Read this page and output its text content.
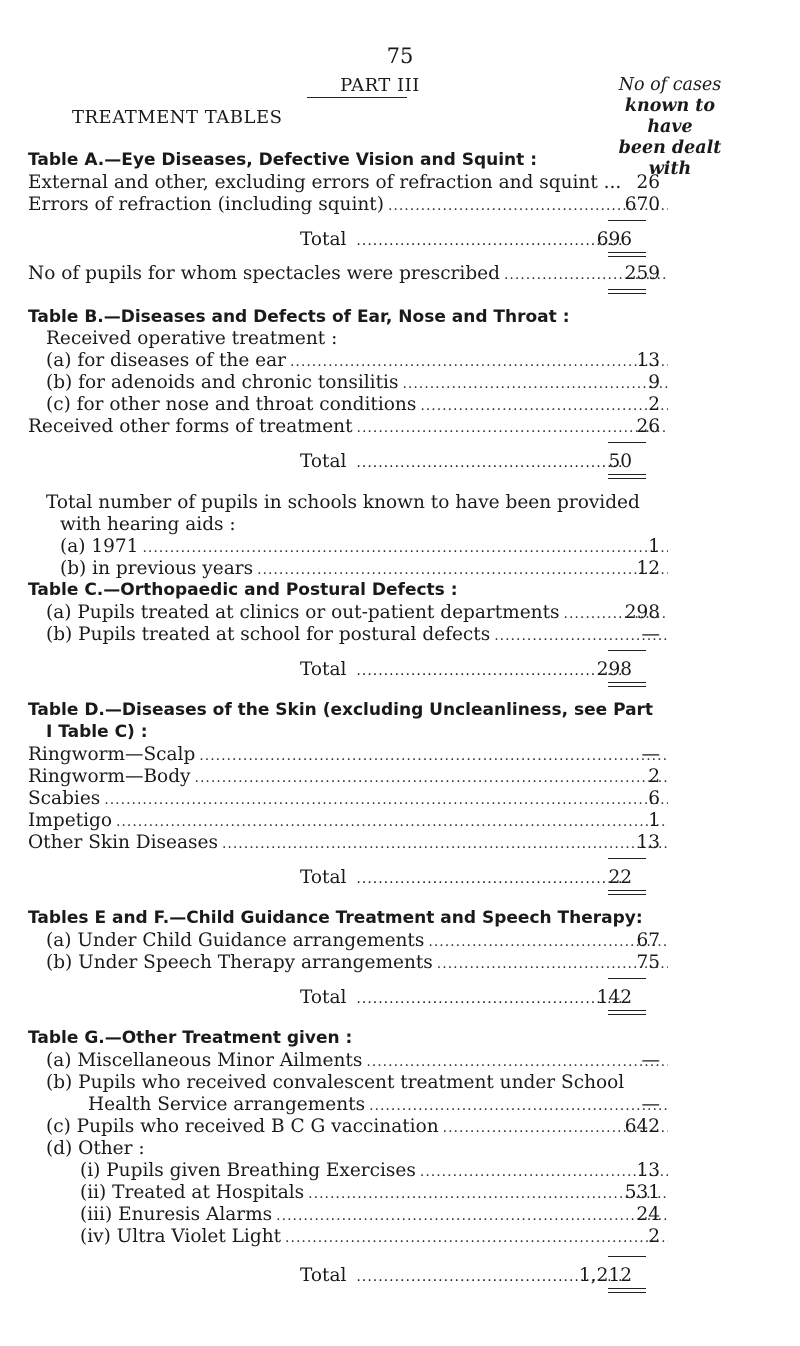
75
PART III
TREATMENT TABLES
No of cases
known to have
been dealt with
Table A.—Eye Diseases, Defective Vision and Squint :
External and other, excluding errors of refraction and squint ... 26
Errors of refraction (including squint) .....	670
Total .....	696
No of pupils for whom spectacles were prescribed .....	259
Table B.—Diseases and Defects of Ear, Nose and Throat :
Received operative treatment :
(a) for diseases of the ear .....	13
(b) for adenoids and chronic tonsilitis .....	9
(c) for other nose and throat conditions .....	2
Received other forms of treatment .....	26
Total .....	50
Total number of pupils in schools known to have been provided
with hearing aids :
(a) 1971 .....	1
(b) in previous years .....	12
Table C.—Orthopaedic and Postural Defects :
(a) Pupils treated at clinics or out-patient departments .....	298
(b) Pupils treated at school for postural defects .....	—
Total .....	298
Table D.—Diseases of the Skin (excluding Uncleanliness, see Part
I Table C) :
Ringworm—Scalp .....	—
Ringworm—Body .....	2
Scabies .....	6
Impetigo .....	1
Other Skin Diseases .....	13
Total .....	22
Tables E and F.—Child Guidance Treatment and Speech Therapy:
(a) Under Child Guidance arrangements .....	67
(b) Under Speech Therapy arrangements .....	75
Total .....	142
Table G.—Other Treatment given :
(a) Miscellaneous Minor Ailments .....	—
(b) Pupils who received convalescent treatment under School
Health Service arrangements .....	—
(c) Pupils who received B C G vaccination .....	642
(d) Other :
(i) Pupils given Breathing Exercises .....	13
(ii) Treated at Hospitals .....	531
(iii) Enuresis Alarms .....	24
(iv) Ultra Violet Light .....	2
Total .....	1,212
